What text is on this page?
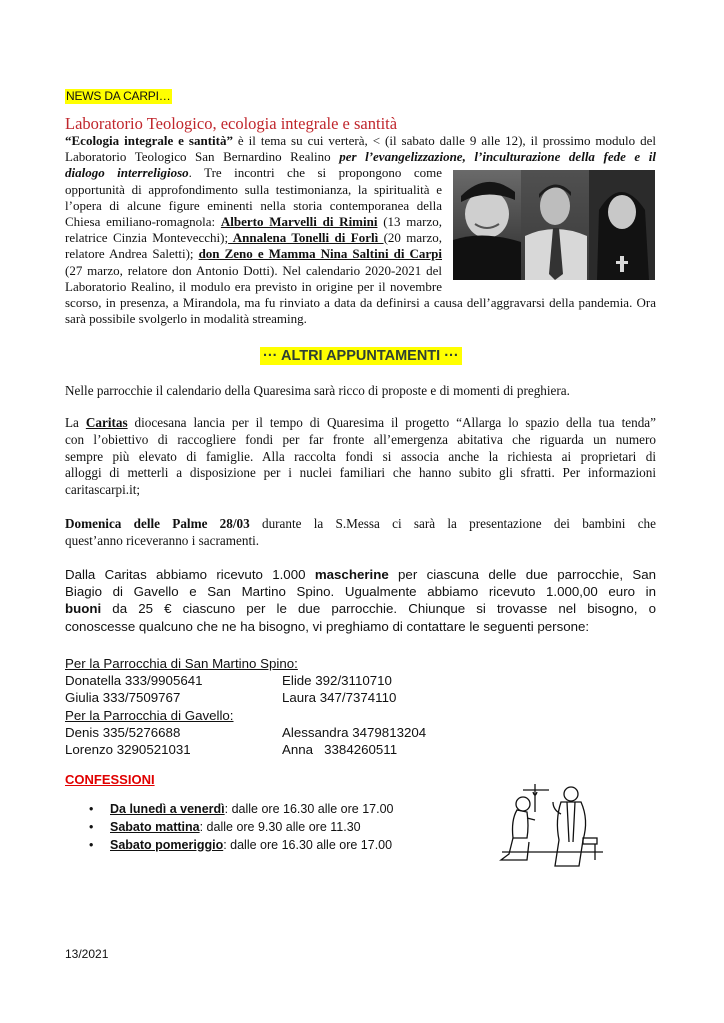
NEWS DA CARPI…
Laboratorio Teologico, ecologia integrale e santità
“Ecologia integrale e santità” è il tema su cui verterà, < (il sabato dalle 9 alle 12), il prossimo modulo del
Laboratorio Teologico San Bernardino Realino per l’evangelizzazione, l’inculturazione della fede e il
dialogo interreligioso. Tre incontri che si propongono come
opportunità di approfondimento sulla testimonianza, la spiritualità e
l’opera di alcune figure eminenti nella storia contemporanea della
Chiesa emiliano-romagnola: Alberto Marvelli di Rimini (13 marzo,
relatrice Cinzia Montevecchi); Annalena Tonelli di Forlì (20 marzo,
relatore Andrea Saletti); don Zeno e Mamma Nina Saltini di Carpi
(27 marzo, relatore don Antonio Dotti). Nel calendario 2020-2021 del
Laboratorio Realino, il modulo era previsto in origine per il novembre
scorso, in presenza, a Mirandola, ma fu rinviato a data da definirsi a causa dell’aggravarsi della pandemia. Ora
sarà possibile svolgerlo in modalità streaming.
··· ALTRI APPUNTAMENTI ···
Nelle parrocchie il calendario della Quaresima sarà ricco di proposte e di momenti di preghiera.
La Caritas diocesana lancia per il tempo di Quaresima il progetto “Allarga lo spazio della tua tenda”
con l’obiettivo di raccogliere fondi per far fronte all’emergenza abitativa che riguarda un numero
sempre più elevato di famiglie. Alla raccolta fondi si associa anche la richiesta ai proprietari di
alloggi di metterli a disposizione per i nuclei familiari che hanno subito gli sfratti. Per informazioni
caritascarpi.it;
Domenica delle Palme 28/03 durante la S.Messa ci sarà la presentazione dei bambini che
quest’anno riceveranno i sacramenti.
Dalla Caritas abbiamo ricevuto 1.000 mascherine per ciascuna delle due parrocchie, San
Biagio di Gavello e San Martino Spino. Ugualmente abbiamo ricevuto 1.000,00 euro in
buoni da 25 € ciascuno per le due parrocchie. Chiunque si trovasse nel bisogno, o
conoscesse qualcuno che ne ha bisogno, vi preghiamo di contattare le seguenti persone:
Per la Parrocchia di San Martino Spino:
Donatella 333/9905641	Elide 392/3110710
Giulia 333/7509767	Laura 347/7374110
Per la Parrocchia di Gavello:
Denis 335/5276688	Alessandra 3479813204
Lorenzo 3290521031	Anna   3384260511
CONFESSIONI
• Da lunedì a venerdì: dalle ore 16.30 alle ore 17.00
• Sabato mattina: dalle ore 9.30 alle ore 11.30
• Sabato pomeriggio: dalle ore 16.30 alle ore 17.00
13/2021
